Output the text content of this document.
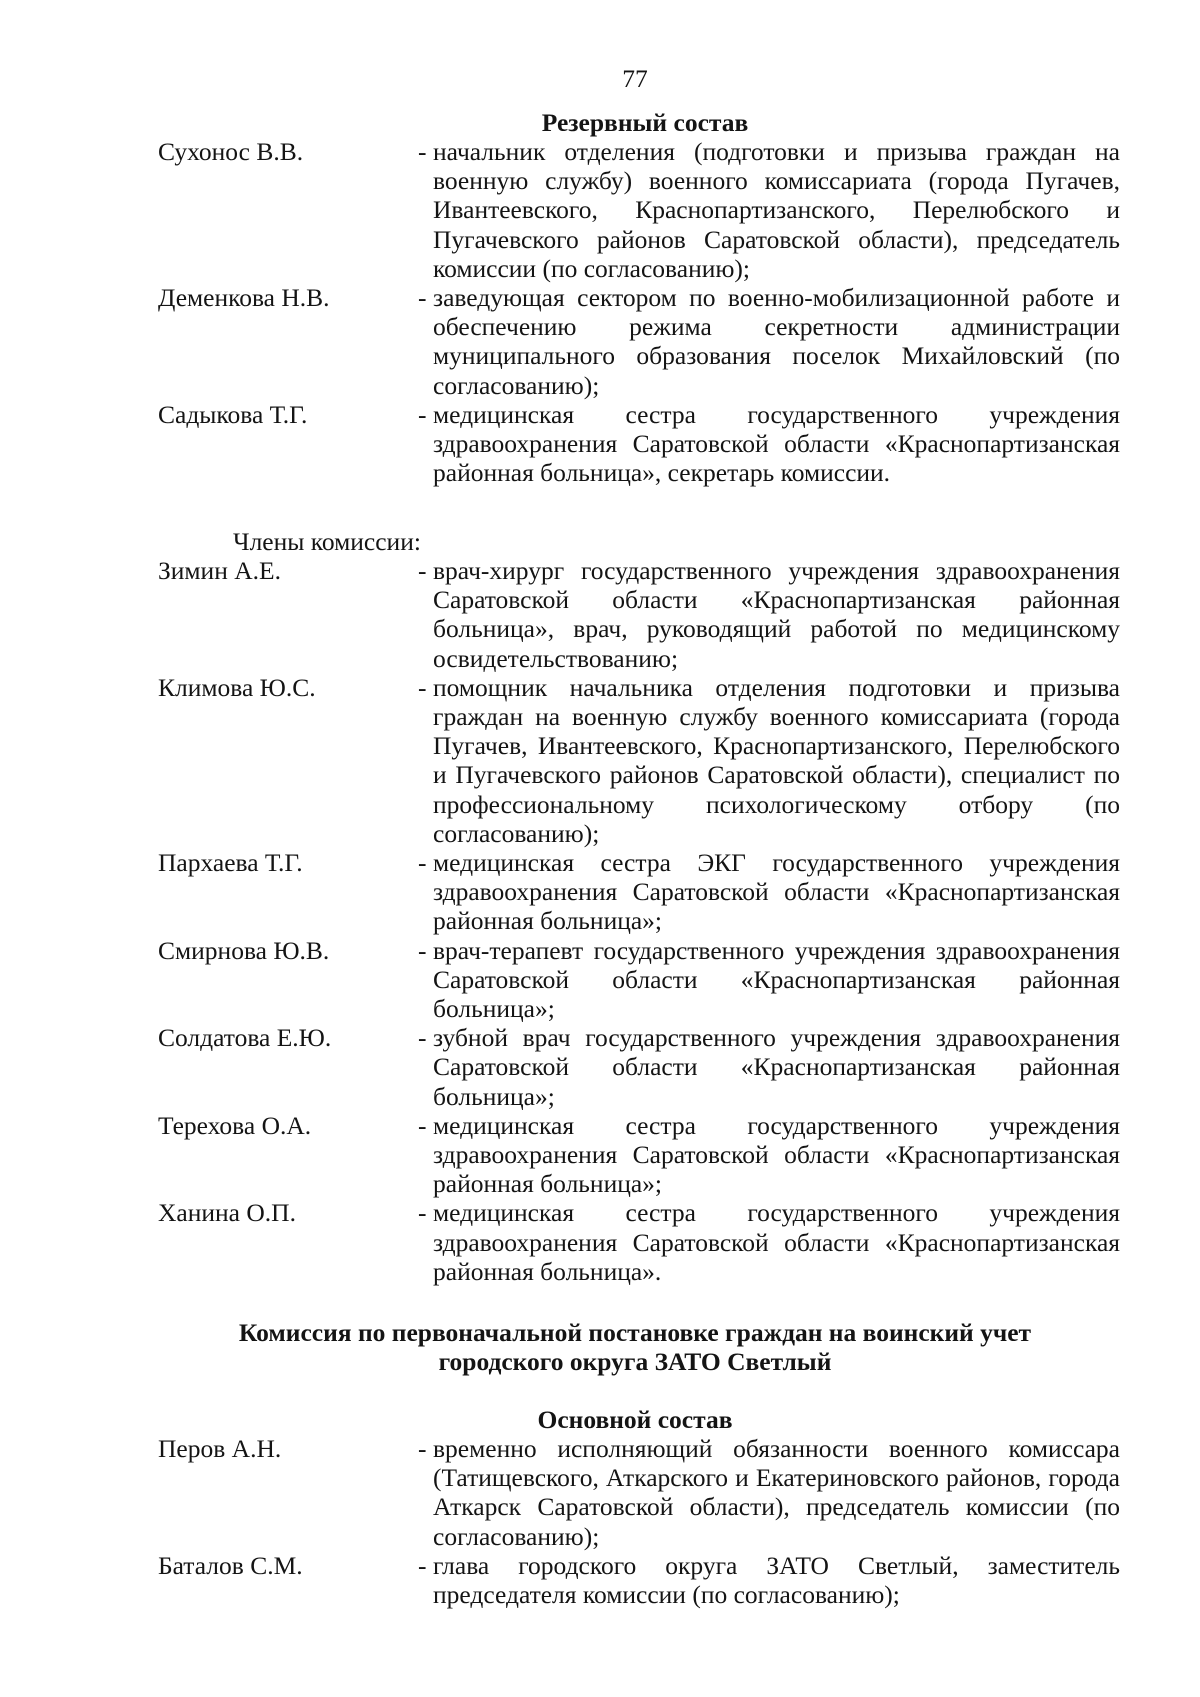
77
Резервный состав
Сухонос В.В.	- начальник отделения (подготовки и призыва граждан на военную службу) военного комиссариата (города Пугачев, Ивантеевского, Краснопартизанского, Перелюбского и Пугачевского районов Саратовской области), председатель комиссии (по согласованию);
Деменкова Н.В.	- заведующая сектором по военно-мобилизационной работе и обеспечению режима секретности администрации муниципального образования поселок Михайловский (по согласованию);
Садыкова Т.Г.	- медицинская сестра государственного учреждения здравоохранения Саратовской области «Краснопартизанская районная больница», секретарь комиссии.
Члены комиссии:
Зимин А.Е.	- врач-хирург государственного учреждения здравоохранения Саратовской области «Краснопартизанская районная больница», врач, руководящий работой по медицинскому освидетельствованию;
Климова Ю.С.	- помощник начальника отделения подготовки и призыва граждан на военную службу военного комиссариата (города Пугачев, Ивантеевского, Краснопартизанского, Перелюбского и Пугачевского районов Саратовской области), специалист по профессиональному психологическому отбору (по согласованию);
Пархаева Т.Г.	- медицинская сестра ЭКГ государственного учреждения здравоохранения Саратовской области «Краснопартизанская районная больница»;
Смирнова Ю.В.	- врач-терапевт государственного учреждения здравоохранения Саратовской области «Краснопартизанская районная больница»;
Солдатова Е.Ю.	- зубной врач государственного учреждения здравоохранения Саратовской области «Краснопартизанская районная больница»;
Терехова О.А.	- медицинская сестра государственного учреждения здравоохранения Саратовской области «Краснопартизанская районная больница»;
Ханина О.П.	- медицинская сестра государственного учреждения здравоохранения Саратовской области «Краснопартизанская районная больница».
Комиссия по первоначальной постановке граждан на воинский учет
городского округа ЗАТО Светлый
Основной состав
Перов А.Н.	- временно исполняющий обязанности военного комиссара (Татищевского, Аткарского и Екатериновского районов, города Аткарск Саратовской области), председатель комиссии (по согласованию);
Баталов С.М.	- глава городского округа ЗАТО Светлый, заместитель председателя комиссии (по согласованию);
